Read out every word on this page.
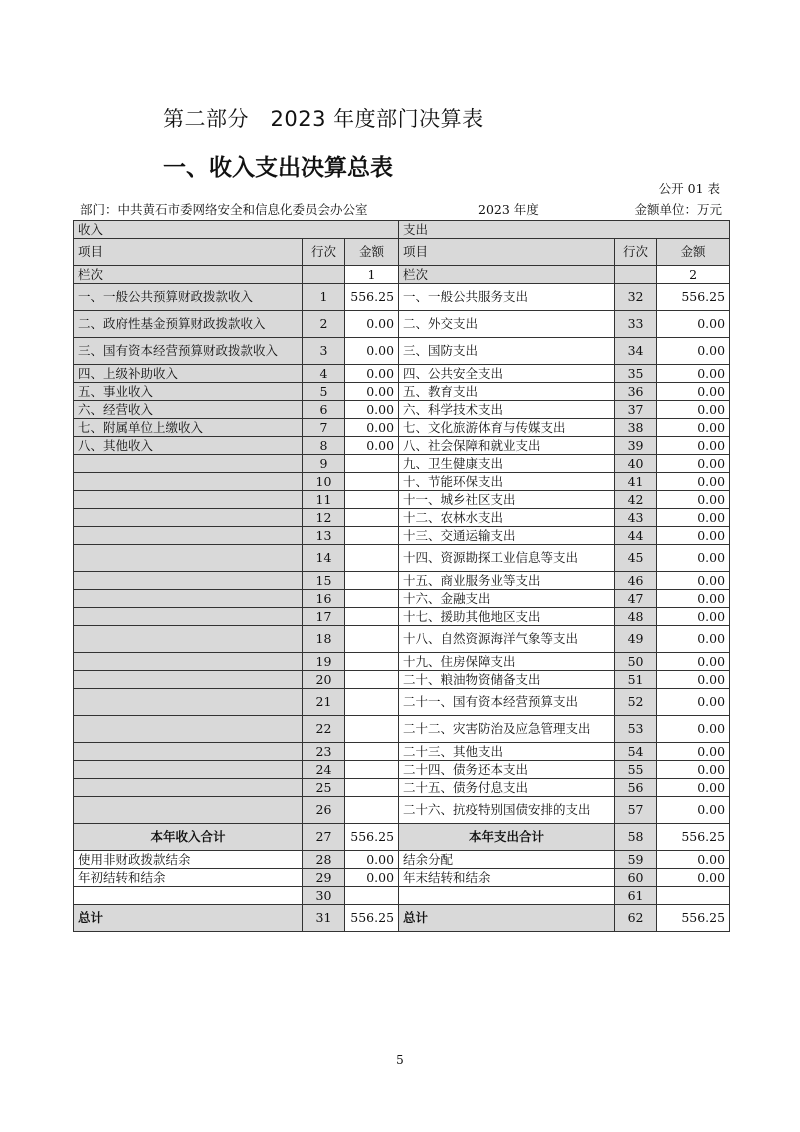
第二部分　2023 年度部门决算表
一、收入支出决算总表
公开 01 表
部门：中共黄石市委网络安全和信息化委员会办公室	2023 年度	金额单位：万元
收入			支出		
项目	行次	金额	项目	行次	金额
栏次		1	栏次		2
一、一般公共预算财政拨款收入	1	556.25	一、一般公共服务支出	32	556.25
二、政府性基金预算财政拨款收入	2	0.00	二、外交支出	33	0.00
三、国有资本经营预算财政拨款收入	3	0.00	三、国防支出	34	0.00
四、上级补助收入	4	0.00	四、公共安全支出	35	0.00
五、事业收入	5	0.00	五、教育支出	36	0.00
六、经营收入	6	0.00	六、科学技术支出	37	0.00
七、附属单位上缴收入	7	0.00	七、文化旅游体育与传媒支出	38	0.00
八、其他收入	8	0.00	八、社会保障和就业支出	39	0.00
	9		九、卫生健康支出	40	0.00
	10		十、节能环保支出	41	0.00
	11		十一、城乡社区支出	42	0.00
	12		十二、农林水支出	43	0.00
	13		十三、交通运输支出	44	0.00
	14		十四、资源勘探工业信息等支出	45	0.00
	15		十五、商业服务业等支出	46	0.00
	16		十六、金融支出	47	0.00
	17		十七、援助其他地区支出	48	0.00
	18		十八、自然资源海洋气象等支出	49	0.00
	19		十九、住房保障支出	50	0.00
	20		二十、粮油物资储备支出	51	0.00
	21		二十一、国有资本经营预算支出	52	0.00
	22		二十二、灾害防治及应急管理支出	53	0.00
	23		二十三、其他支出	54	0.00
	24		二十四、债务还本支出	55	0.00
	25		二十五、债务付息支出	56	0.00
	26		二十六、抗疫特别国债安排的支出	57	0.00
本年收入合计	27	556.25	本年支出合计	58	556.25
使用非财政拨款结余	28	0.00	结余分配	59	0.00
年初结转和结余	29	0.00	年末结转和结余	60	0.00
	30			61	
总计	31	556.25	总计	62	556.25
5
